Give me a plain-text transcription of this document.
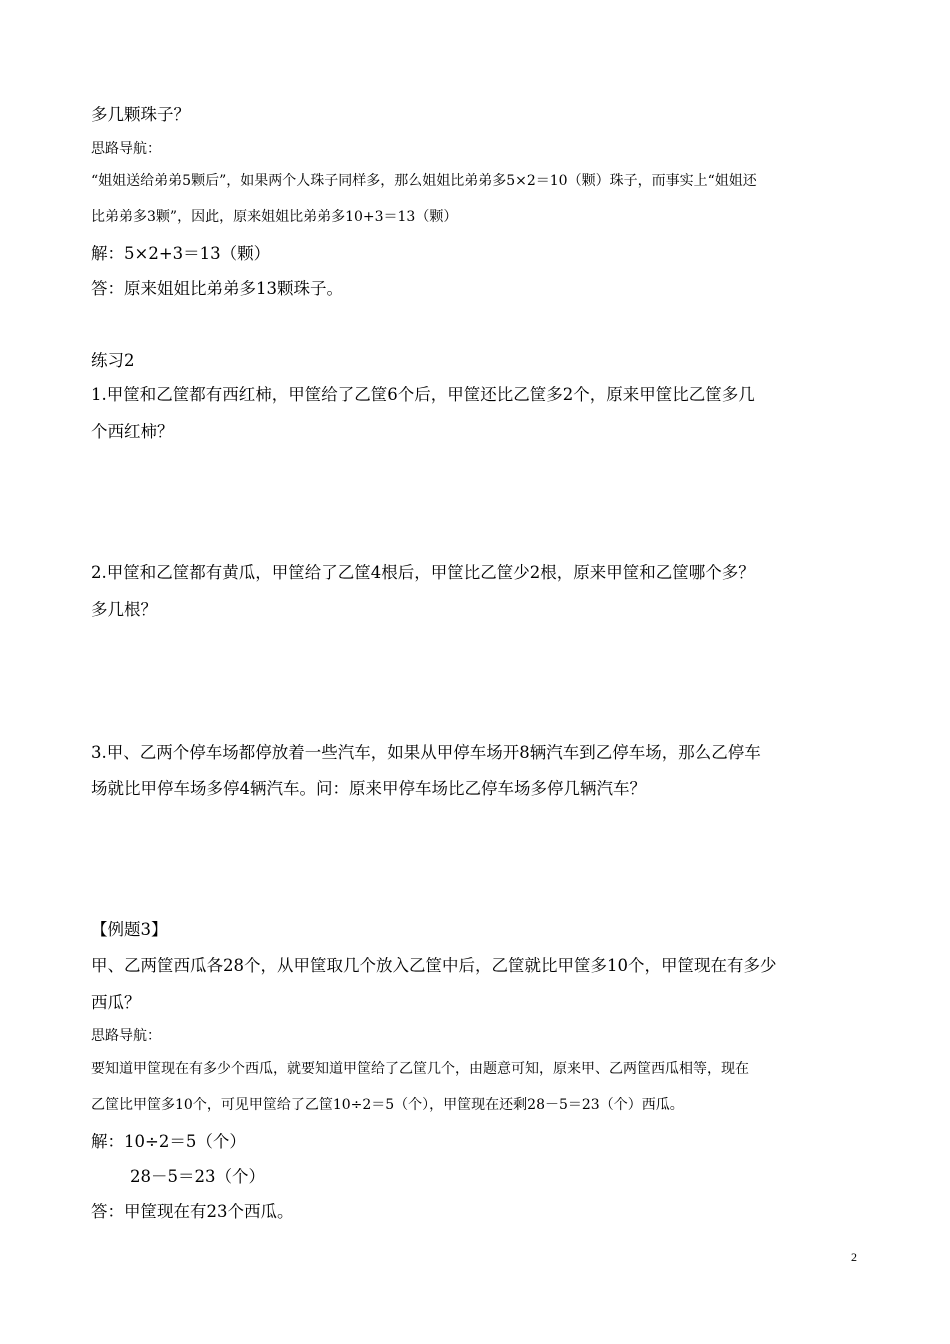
多几颗珠子？
思路导航：
“姐姐送给弟弟5颗后”，如果两个人珠子同样多，那么姐姐比弟弟多5×2＝10（颗）珠子，而事实上“姐姐还
比弟弟多3颗”，因此，原来姐姐比弟弟多10+3＝13（颗）
解：5×2+3＝13（颗）
答：原来姐姐比弟弟多13颗珠子。
练习2
1.甲筐和乙筐都有西红柿，甲筐给了乙筐6个后，甲筐还比乙筐多2个，原来甲筐比乙筐多几
个西红柿？
2.甲筐和乙筐都有黄瓜，甲筐给了乙筐4根后，甲筐比乙筐少2根，原来甲筐和乙筐哪个多？
多几根？
3.甲、乙两个停车场都停放着一些汽车，如果从甲停车场开8辆汽车到乙停车场，那么乙停车
场就比甲停车场多停4辆汽车。问：原来甲停车场比乙停车场多停几辆汽车？
【例题3】
甲、乙两筐西瓜各28个，从甲筐取几个放入乙筐中后，乙筐就比甲筐多10个，甲筐现在有多少
西瓜？
思路导航：
要知道甲筐现在有多少个西瓜，就要知道甲筐给了乙筐几个，由题意可知，原来甲、乙两筐西瓜相等，现在
乙筐比甲筐多10个，可见甲筐给了乙筐10÷2＝5（个），甲筐现在还剩28－5＝23（个）西瓜。
解：10÷2＝5（个）
28－5＝23（个）
答：甲筐现在有23个西瓜。
2
